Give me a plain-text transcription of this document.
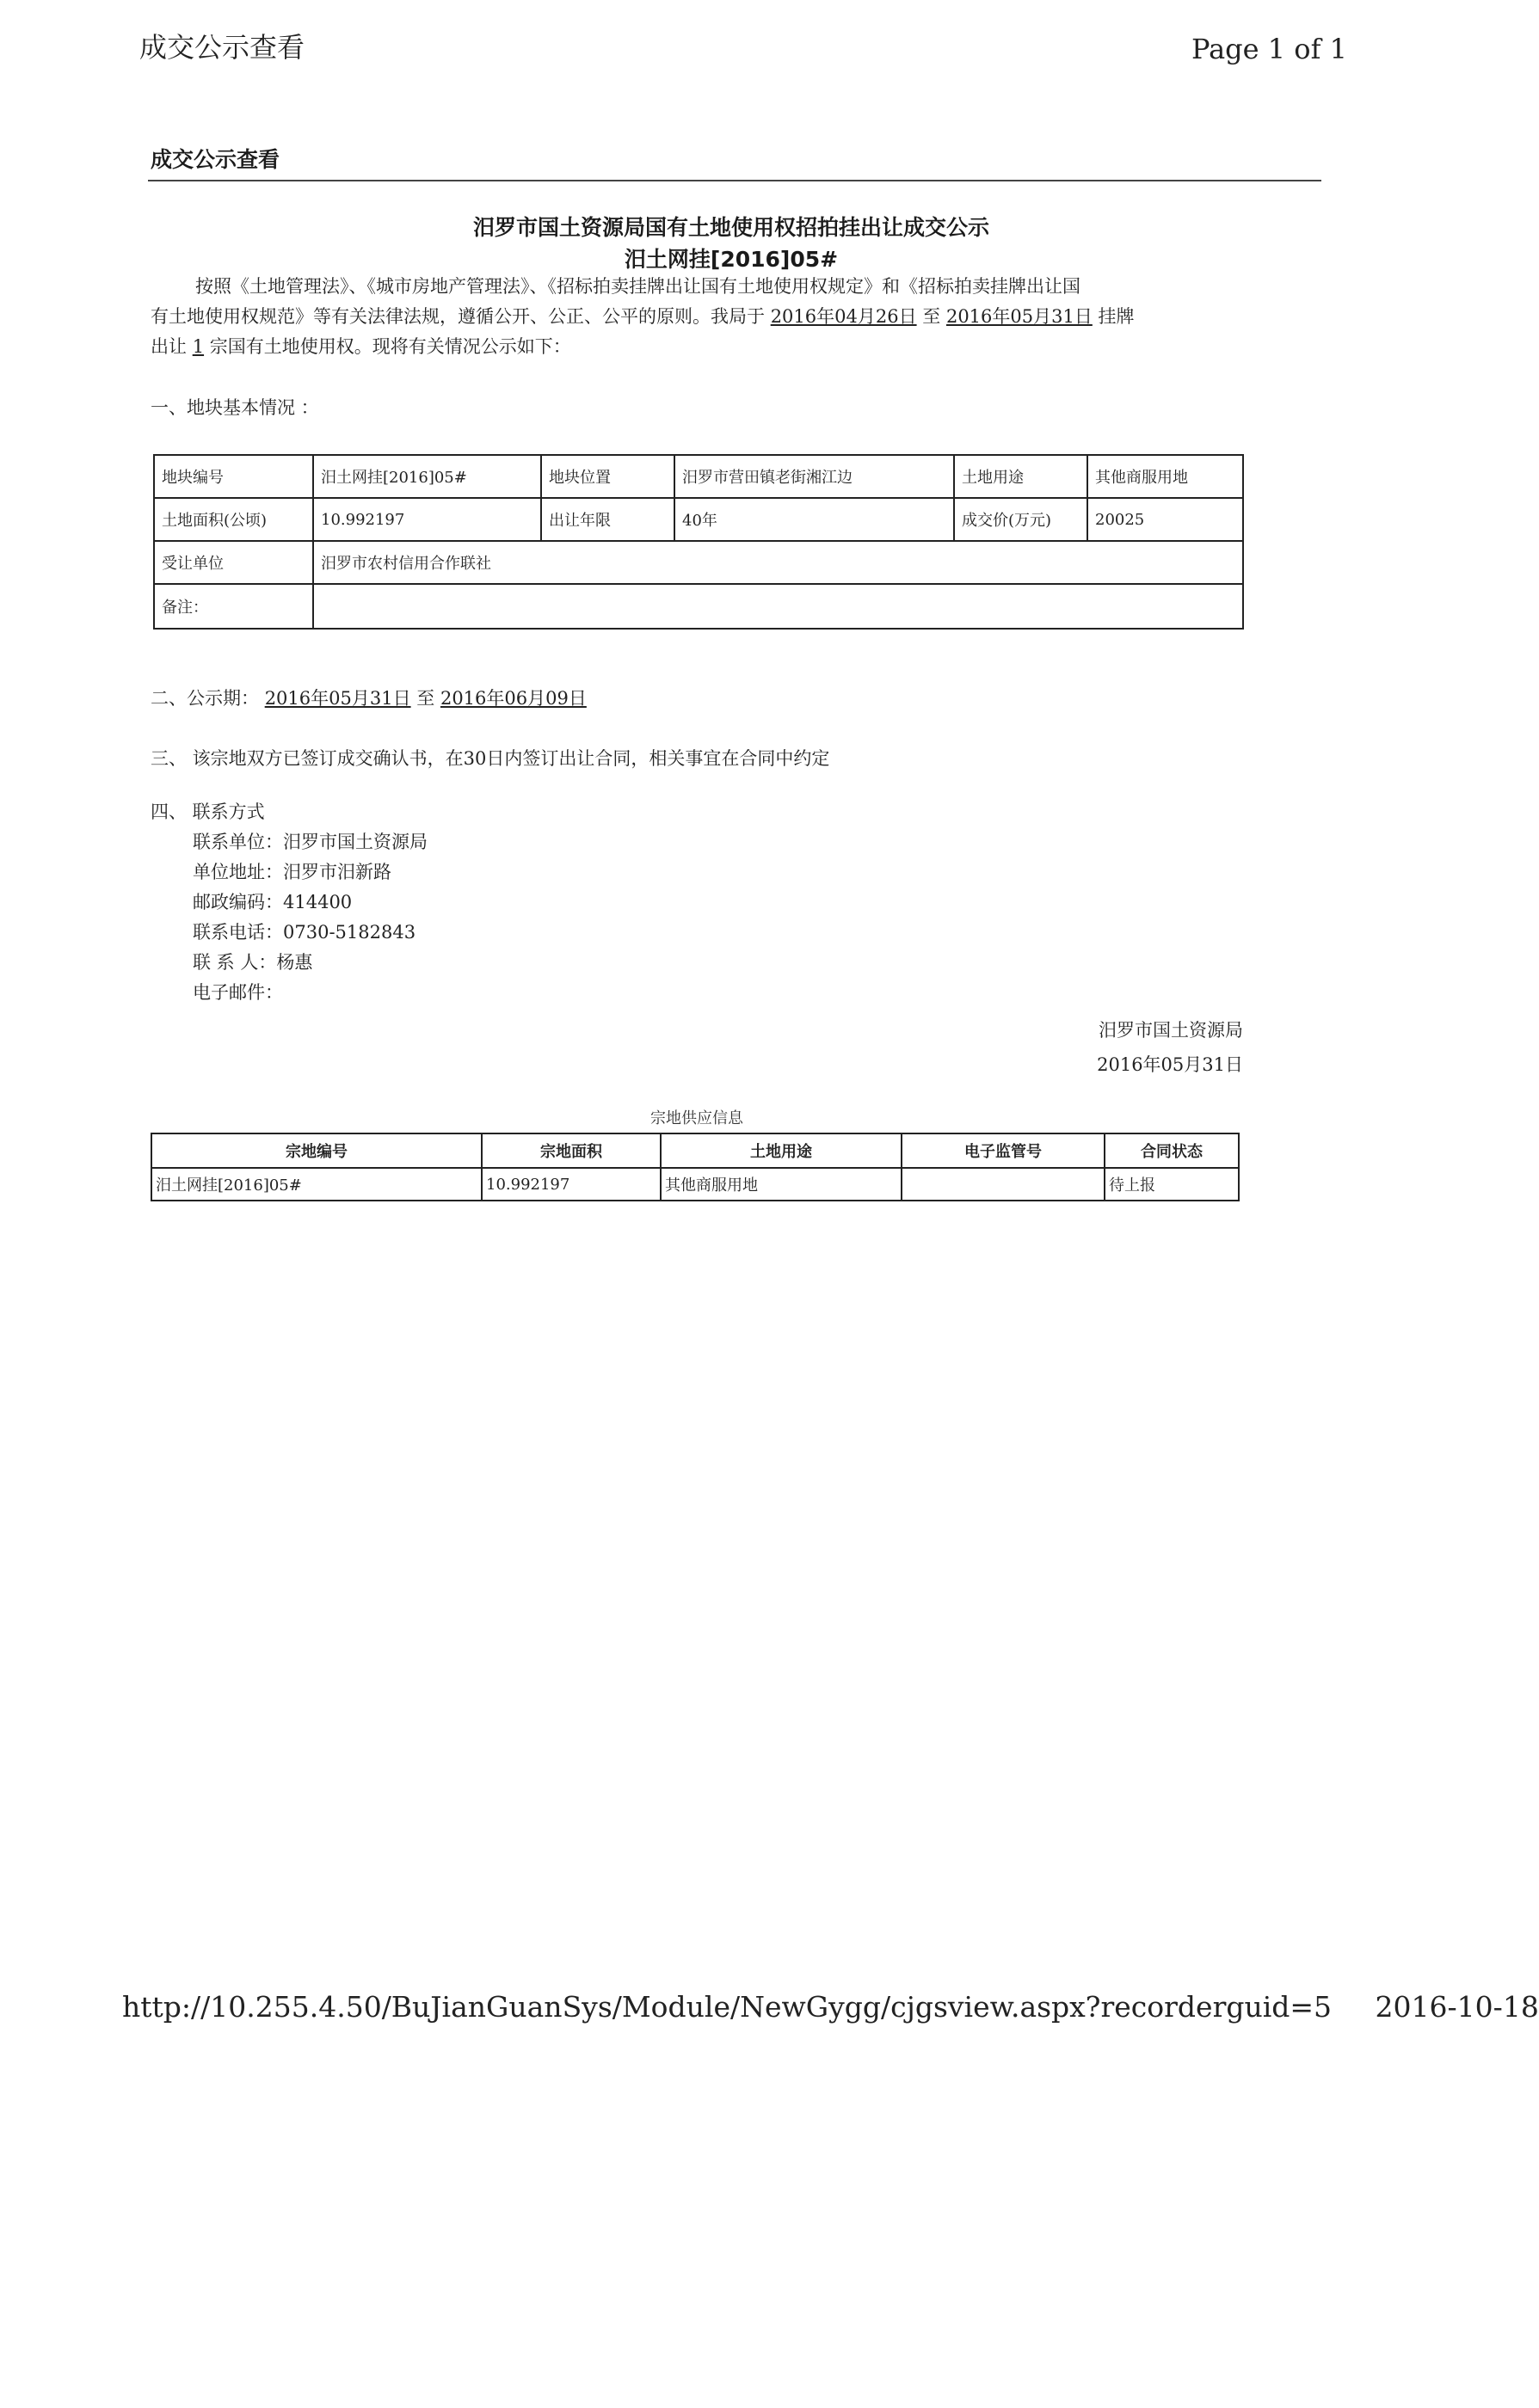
成交公示查看	Page 1 of 1
成交公示查看
汨罗市国土资源局国有土地使用权招拍挂出让成交公示
汨土网挂[2016]05#
按照《土地管理法》、《城市房地产管理法》、《招标拍卖挂牌出让国有土地使用权规定》和《招标拍卖挂牌出让国
有土地使用权规范》等有关法律法规，遵循公开、公正、公平的原则。我局于 2016年04月26日 至 2016年05月31日 挂牌
出让 1 宗国有土地使用权。现将有关情况公示如下：
一、地块基本情况 ：
地块编号	汨土网挂[2016]05#	地块位置	汨罗市营田镇老街湘江边	土地用途	其他商服用地
土地面积(公顷)	10.992197	出让年限	40年	成交价(万元)	20025
受让单位	汨罗市农村信用合作联社				
备注：					
二、公示期： 2016年05月31日 至 2016年06月09日
三、 该宗地双方已签订成交确认书，在30日内签订出让合同，相关事宜在合同中约定
四、 联系方式
联系单位：汨罗市国土资源局
单位地址：汨罗市汨新路
邮政编码：414400
联系电话：0730-5182843
联 系 人：杨惠
电子邮件：
汨罗市国土资源局
2016年05月31日
宗地供应信息
宗地编号	宗地面积	土地用途	电子监管号	合同状态
汨土网挂[2016]05#	10.992197	其他商服用地		待上报
http://10.255.4.50/BuJianGuanSys/Module/NewGygg/cjgsview.aspx?recorderguid=5 2016-10-18
